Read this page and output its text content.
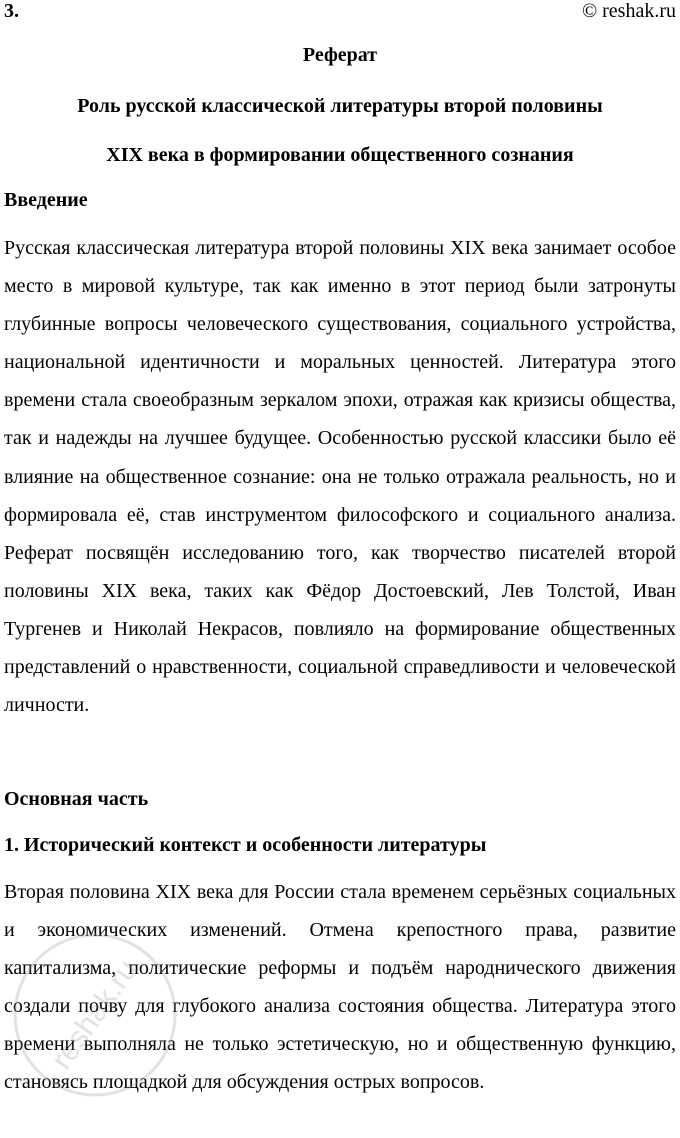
3.	© reshak.ru
Реферат
Роль русской классической литературы второй половины
XIX века в формировании общественного сознания
Введение

Русская классическая литература второй половины XIX века занимает особое место в мировой культуре, так как именно в этот период были затронуты глубинные вопросы человеческого существования, социального устройства, национальной идентичности и моральных ценностей. Литература этого времени стала своеобразным зеркалом эпохи, отражая как кризисы общества, так и надежды на лучшее будущее. Особенностью русской классики было её влияние на общественное сознание: она не только отражала реальность, но и формировала её, став инструментом философского и социального анализа. Реферат посвящён исследованию того, как творчество писателей второй половины XIX века, таких как Фёдор Достоевский, Лев Толстой, Иван Тургенев и Николай Некрасов, повлияло на формирование общественных представлений о нравственности, социальной справедливости и человеческой личности.

Основная часть
1. Исторический контекст и особенности литературы

Вторая половина XIX века для России стала временем серьёзных социальных и экономических изменений. Отмена крепостного права, развитие капитализма, политические реформы и подъём народнического движения создали почву для глубокого анализа состояния общества. Литература этого времени выполняла не только эстетическую, но и общественную функцию, становясь площадкой для обсуждения острых вопросов.

reshak.ru
